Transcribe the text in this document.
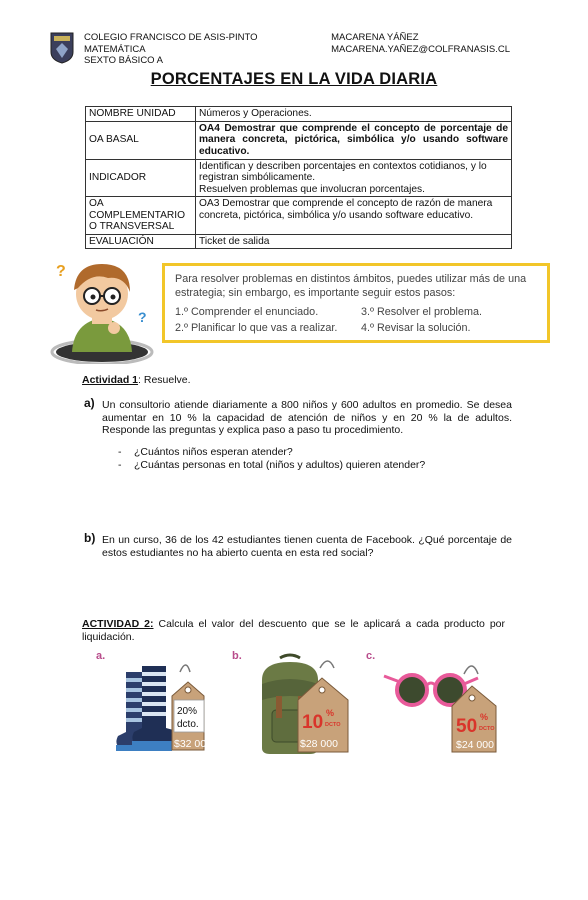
COLEGIO FRANCISCO DE ASIS-PINTO
MATEMÁTICA
SEXTO BÁSICO A
MACARENA YÁÑEZ
MACARENA.YAÑEZ@COLFRANASIS.CL
PORCENTAJES EN LA VIDA DIARIA
NOMBRE UNIDAD	Números y Operaciones.
OA BASAL	OA4 Demostrar que comprende el concepto de porcentaje de manera concreta, pictórica, simbólica y/o usando software educativo.
INDICADOR	Identifican y describen porcentajes en contextos cotidianos, y lo registran simbólicamente.
Resuelven problemas que involucran porcentajes.

OA
COMPLEMENTARIO
O TRANSVERSAL	OA3 Demostrar que comprende el concepto de razón de manera concreta, pictórica, simbólica y/o usando software educativo.
EVALUACIÓN	Ticket de salida
?
?
Para resolver problemas en distintos ámbitos, puedes utilizar más de una estrategia; sin embargo, es importante seguir estos pasos:
1.º Comprender el enunciado.	3.º Resolver el problema.
2.º Planificar lo que vas a realizar.	4.º Revisar la solución.
Actividad 1: Resuelve.
a) Un consultorio atiende diariamente a 800 niños y 600 adultos en promedio. Se desea aumentar en 10 % la capacidad de atención de niños y en 20 % la de adultos. Responde las preguntas y explica paso a paso tu procedimiento.
-	¿Cuántos niños esperan atender?
-	¿Cuántas personas en total (niños y adultos) quieren atender?
b) En un curso, 36 de los 42 estudiantes tienen cuenta de Facebook. ¿Qué porcentaje de estos estudiantes no ha abierto cuenta en esta red social?
ACTIVIDAD 2: Calcula el valor del descuento que se le aplicará a cada producto por liquidación.
a.	b.	c.
20%
dcto.
$32 000
10 %
DCTO
$28 000
50 %
DCTO
$24 000
